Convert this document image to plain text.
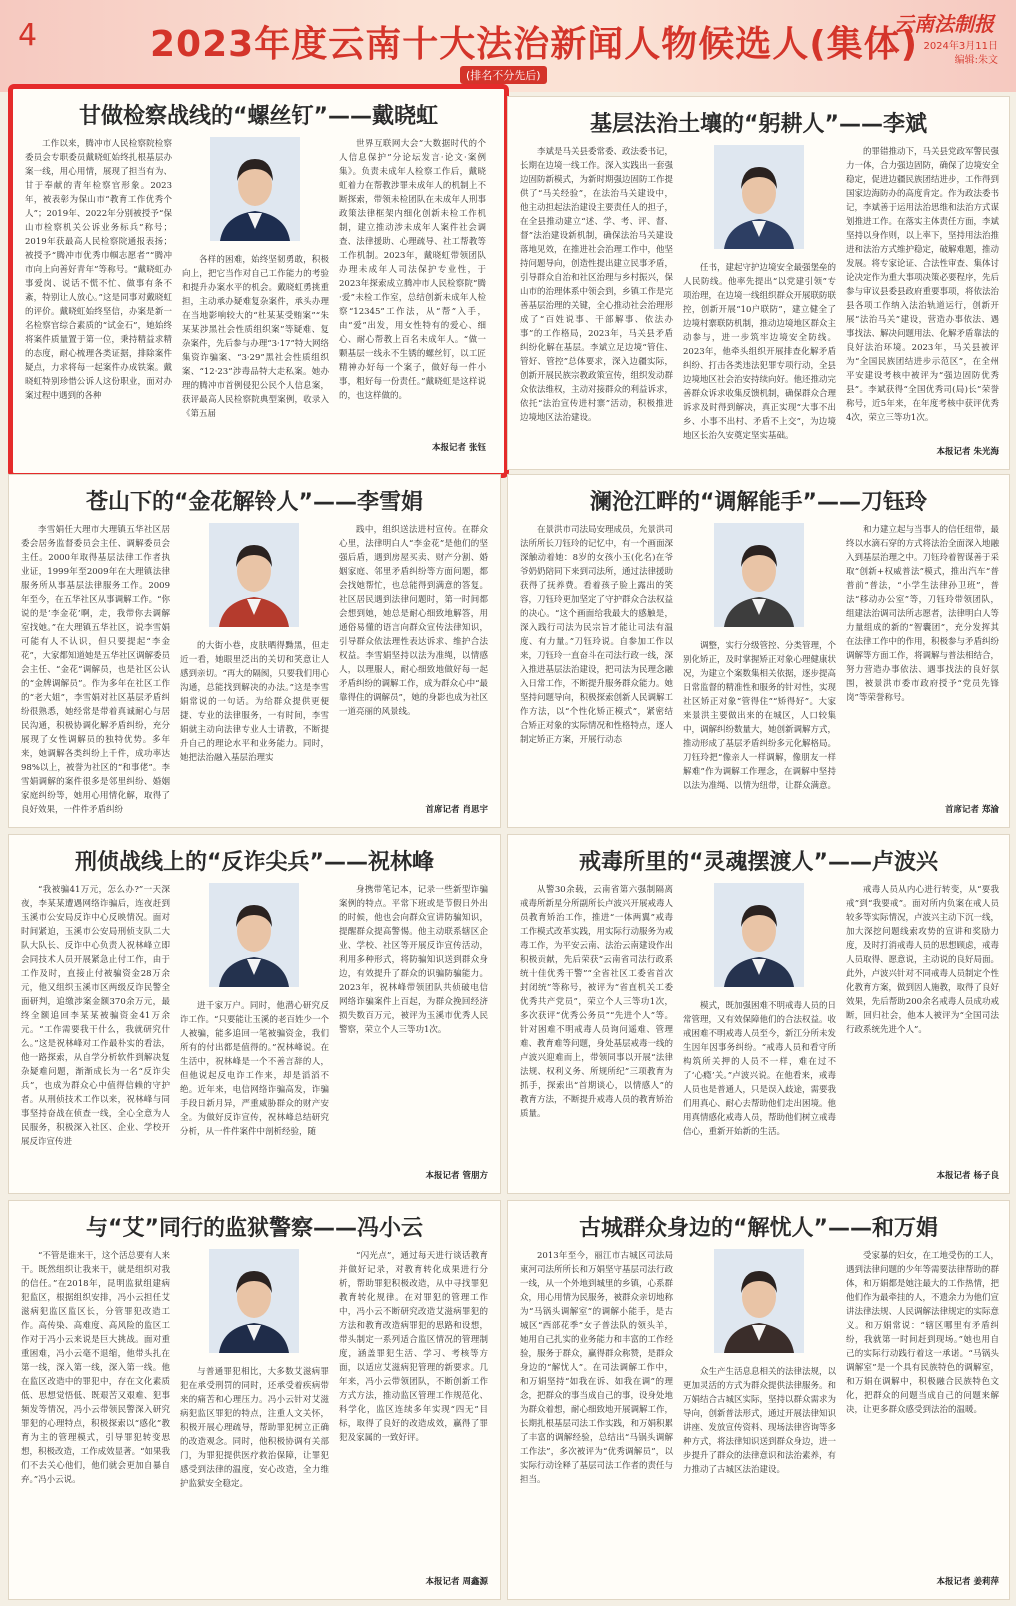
4	2023年度云南十大法治新闻人物候选人(集体)
(排名不分先后)
云南法制报
2024年3月11日
编辑:朱文
甘做检察战线的“螺丝钉”——戴晓虹

工作以来，腾冲市人民检察院检察委员会专职委员戴晓虹始终扎根基层办案一线，用心用情，展现了担当有为、甘于奉献的青年检察官形象。2023年，被表彰为保山市“教育工作优秀个人”；2019年、2022年分别被授予“保山市检察机关公诉业务标兵”称号；2019年获最高人民检察院通报表扬；被授予“腾冲市优秀巾帼志愿者”“腾冲市向上向善好青年”等称号。“戴晓虹办事爱岗、说话不慌不忙、做事有条不紊，特别让人放心。”这是同事对戴晓虹的评价。戴晓虹始终坚信，办案是新一名检察官综合素质的“试金石”，她始终将案件质量置于第一位，秉持精益求精的态度，耐心梳理各类证据，排除案件疑点，力求将每一起案件办成铁案。戴晓虹特别珍惜公诉人这份职业，面对办案过程中遇到的各种

各样的困难，始终坚韧勇敢，积极向上，把它当作对自己工作能力的考验和提升办案水平的机会。戴晓虹勇挑重担，主动承办疑难复杂案件，承头办理在当地影响较大的“杜某某受贿案”“朱某某涉黑社会性质组织案”等疑难、复杂案件，先后参与办理“3·17”特大网络集资诈骗案、“3·29”黑社会性质组织案、“12·23”涉毒品特大走私案。她办理的腾冲市首例侵犯公民个人信息案，获评最高人民检察院典型案例，收录入《第五届

世界互联网大会”大数据时代的个人信息保护”分论坛发言·论文·案例集》。负责未成年人检察工作后，戴晓虹着力在帮教涉罪未成年人的机制上不断探索，带领未检团队在未成年人刑事政策法律框架内细化创新未检工作机制，建立推动涉未成年人案件社会调查、法律援助、心理疏导、社工帮教等工作机制。2023年，戴晓虹带领团队办理未成年人司法保护专业性，于2023年探索成立腾冲市人民检察院“腾·爱”未检工作室，总结创新未成年人检察“12345”工作法，从“帮”入手，由“爱”出发，用女性特有的爱心、细心、耐心帮教上百名未成年人。“做一颗基层一线永不生锈的螺丝钉，以工匠精神办好每一个案子，做好每一件小事，粗好每一份责任。”戴晓虹是这样说的，也这样做的。

本报记者 张钰
基层法治土壤的“躬耕人”——李斌

李斌是马关县委常委、政法委书记，长期在边境一线工作。深入实践出一套强边固防新模式，为新时期强边固防工作提供了“马关经验”，在法治马关建设中，他主动担起法治建设主要责任人的担子，在全县推动建立“述、学、考、评、督、督”法治建设新机制，确保法治马关建设落地见效，在推进社会治理工作中，他坚持问题导向，创造性提出建立民事矛盾，引导群众自治和社区治理与乡村振兴，保山市的治理体系中领会到，乡镇工作是完善基层治理的关键，全心推动社会治理形成了“百姓说事、干部解事、依法办事”的工作格局，2023年，马关县矛盾纠纷化解在基层。李斌立足边境“管住、管好、管控”总体要求，深入边疆实际，创新开展民族宗教政策宣传，组织发动群众依法维权，主动对接群众的利益诉求，依托“法治宣传进村寨”活动，积极推进边境地区法治建设。

任书，建起守护边境安全最强堡垒的人民防线。他率先提出“以党建引领”专项治理，在边境一线组织群众开展联防联控，创新开展“10户联防”，建立健全了边境村寨联防机制，推动边境地区群众主动参与，进一步筑牢边境安全防线。2023年，他牵头组织开展排查化解矛盾纠纷、打击各类违法犯罪专项行动，全县边境地区社会治安持续向好。他还推动完善群众诉求收集反馈机制，确保群众合理诉求及时得到解决，真正实现“大事不出乡、小事不出村、矛盾不上交”，为边境地区长治久安奠定坚实基础。

的罪错推动下，马关县党政军警民强力一体，合力强边固防，确保了边境安全稳定，促进边疆民族团结进步，工作得到国家边海防办的高度肯定。作为政法委书记，李斌善于运用法治思维和法治方式谋划推进工作。在落实主体责任方面，李斌坚持以身作则，以上率下，坚持用法治推进和法治方式维护稳定，破解难题，推动发展。将专家论证、合法性审查、集体讨论决定作为重大事项决策必要程序，先后参与审议县委县政府重要事项，将依法治县各项工作纳入法治轨道运行，创新开展“法治马关”建设，营造办事依法、遇事找法、解决问题用法、化解矛盾靠法的良好法治环境。2023年，马关县被评为“全国民族团结进步示范区”，在全州平安建设考核中被评为“强边固防优秀县”。李斌获得“全国优秀司(局)长”荣誉称号，近5年来，在年度考核中获评优秀4次，荣立三等功1次。

本报记者 朱光海
苍山下的“金花解铃人”——李雪娟

李雪娟任大理市大理镇五华社区居委会居务监督委员会主任、调解委员会主任。2000年取得基层法律工作者执业证，1999年至2009年在大理镇法律服务所从事基层法律服务工作。2009年至今，在五华社区从事调解工作。“你说的是‘李金花’啊，走，我带你去调解室找她。”在大理镇五华社区，说李雪娟可能有人不认识，但只要提起“李金花”，大家都知道她是五华社区调解委员会主任、“金花”调解员，也是社区公认的“金牌调解员”。作为多年在社区工作的“老大姐”，李雪娟对社区基层矛盾纠纷很熟悉，她经常是带着真诚耐心与居民沟通，积极协调化解矛盾纠纷，充分展现了女性调解员的独特优势。多年来，她调解各类纠纷上千件，成功率达98%以上，被誉为社区的“和事佬”。李雪娟调解的案件很多是邻里纠纷、婚姻家庭纠纷等，她用心用情化解，取得了良好效果，一件件矛盾纠纷

的大街小巷，皮肤晒得黝黑，但走近一看，她眼里泛出的关切和笑意让人感到亲切。“再大的隔阂，只要我们用心沟通，总能找到解决的办法。”这是李雪娟常说的一句话。为给群众提供更便捷、专业的法律服务，一有时间，李雪娟就主动向法律专业人士请教，不断提升自己的理论水平和业务能力。同时，她把法治融入基层治理实

践中，组织送法进村宣传。在群众心里，法律明白人“李金花”是他们的坚强后盾，遇到房屋买卖、财产分割、婚姻家庭、邻里矛盾纠纷等方面问题，都会找她帮忙，也总能得到满意的答复。社区居民遇到法律问题时，第一时间都会想到她，她总是耐心细致地解答，用通俗易懂的语言向群众宣传法律知识，引导群众依法理性表达诉求、维护合法权益。李雪娟坚持以法为准绳，以情感人，以理服人，耐心细致地做好每一起矛盾纠纷的调解工作，成为群众心中“最靠得住的调解员”，她的身影也成为社区一道亮丽的风景线。

首席记者 肖思宇
澜沧江畔的“调解能手”——刀钰玲

在景洪市司法局安理成员，允景洪司法所所长刀钰玲的记忆中，有一个画面深深触动着她：8岁的女孩小玉(化名)在爷爷奶奶陪同下来到司法所，通过法律援助获得了抚养费。看着孩子脸上露出的笑容，刀钰玲更加坚定了守护群众合法权益的决心。“这个画面给我最大的感触是，深入践行司法为民宗旨才能让司法有温度、有力量。”刀钰玲说。自参加工作以来，刀钰玲一直奋斗在司法行政一线，深入推进基层法治建设，把司法为民理念融入日常工作，不断提升服务群众能力。她坚持问题导向，积极探索创新人民调解工作方法，以“个性化矫正模式”，紧密结合矫正对象的实际情况和性格特点，逐人制定矫正方案，开展行动态

调整，实行分级管控、分类管理，个别化矫正，及时掌握矫正对象心理健康状况，为建立个案数集相关依据，逐步提高日常监督的精准性和服务的针对性，实现社区矫正对象“管得住”“矫得好”。大家来景洪主要做出来的在城区，人口较集中，调解纠纷数量大，她创新调解方式，推动形成了基层矛盾纠纷多元化解格局。刀钰玲把“像亲人一样调解，像朋友一样解难”作为调解工作理念，在调解中坚持以法为准绳、以情为纽带，让群众满意。

和力建立起与当事人的信任纽带，最终以水滴石穿的方式将法治全面深入地融入到基层治理之中。刀钰玲着智谋善于采取“创新+权威普法”模式，推出汽车“普普前”普法，“小学生法律孙卫班”，普法“移动办公室”等，刀钰玲带领团队，组建法治调司法所志愿者，法律明白人等力量组成的新的“智囊团”，充分发挥其在法律工作中的作用，积极参与矛盾纠纷调解等方面工作，将调解与普法相结合，努力营造办事依法、遇事找法的良好氛围，被景洪市委市政府授予“党员先锋岗”等荣誉称号。

首席记者 郑渝
刑侦战线上的“反诈尖兵”——祝林峰

“我被骗41万元，怎么办?”一天深夜，李某某遭遇网络诈骗后，连夜赶到玉溪市公安局反诈中心反映情况。面对时间紧迫，玉溪市公安局刑侦支队二大队大队长、反诈中心负责人祝林峰立即会同技术人员开展紧急止付工作，由于工作及时，直接止付被骗资金28万余元，他又组织玉溪市区两级反诈民警全面研判，追缴涉案金额370余万元，最终全额追回李某某被骗资金41万余元。“工作需要我干什么，我就研究什么。”这是祝林峰对工作最朴实的看法，他一路探索，从自学分析软件到解决复杂疑难问题，渐渐成长为一名“反诈尖兵”，也成为群众心中值得信赖的守护者。从刑侦技术工作以来，祝林峰与同事坚持奋战在侦查一线，全心全意为人民服务，积极深入社区、企业、学校开展反诈宣传进

进千家万户。同时，他潜心研究反诈工作。“只要能让玉溪的老百姓少一个人被骗，能多追回一笔被骗资金，我们所有的付出都是值得的。”祝林峰说。在生活中，祝林峰是一个不善言辞的人，但他说起反电诈工作来，却是滔滔不绝。近年来，电信网络诈骗高发，诈骗手段日新月异，严重威胁群众的财产安全。为做好反诈宣传，祝林峰总结研究分析，从一件件案件中剖析经验，随

身携带笔记本，记录一些新型诈骗案例的特点。平常下班或是节假日外出的时候，他也会向群众宣讲防骗知识，提醒群众提高警惕。他主动联系辖区企业、学校、社区等开展反诈宣传活动，利用多种形式，将防骗知识送到群众身边，有效提升了群众的识骗防骗能力。2023年，祝林峰带领团队共侦破电信网络诈骗案件上百起，为群众挽回经济损失数百万元，被评为玉溪市优秀人民警察，荣立个人三等功1次。

本报记者 管朋方
戒毒所里的“灵魂摆渡人”——卢波兴

从警30余载，云南省第六强制隔离戒毒所新星分所副所长卢波兴开展戒毒人员教育矫治工作，推进“一体两翼”戒毒工作模式改革实践，用实际行动服务为戒毒工作，为平安云南、法治云南建设作出积极贡献，先后荣获“云南省司法行政系统十佳优秀干警”“全省社区工委省首次封闭统”等称号，被评为“省直机关工委优秀共产党员”，荣立个人三等功1次，多次获评“优秀公务员”“先进个人”等。针对困难不明戒毒人员询问遥难、管理难、教育难等问题，身处基层戒毒一线的卢波兴迎难而上，带领同事以开展“法律法规、权利义务、所规所纪”三项教育为抓手，探索出“首期谈心，以情感人”的教育方法，不断提升戒毒人员的教育矫治质量。

模式，既加强困难不明戒毒人员的日常管理，又有效保障他们的合法权益。收戒困难不明戒毒人员至今，新江分所未发生因年因事务纠纷。“戒毒人员和看守所构筑所关押的人员不一样，难在过不了‘心瘾’关。”卢波兴说。在他看来，戒毒人员也是普通人，只是误入歧途，需要我们用真心、耐心去帮助他们走出困境。他用真情感化戒毒人员，帮助他们树立戒毒信心，重新开始新的生活。

戒毒人员从内心进行转变，从“要我戒”到“我要戒”。面对所内负案在戒人员较多等实际情况，卢波兴主动下沉一线，加大深挖问题线索攻势的宣讲和奖励力度，及时打消戒毒人员的思想顾虑，戒毒人员取得、愿意说，主动说的良好局面。此外，卢波兴针对不同戒毒人员制定个性化教育方案，做到因人施教，取得了良好效果，先后帮助200余名戒毒人员成功戒断，回归社会，他本人被评为“全国司法行政系统先进个人”。

本报记者 杨子良
与“艾”同行的监狱警察——冯小云

“不管是谁来干，这个活总要有人来干。既然组织让我来干，就是组织对我的信任。”在2018年，昆明监狱组建病犯监区，根据组织安排，冯小云担任艾滋病犯监区监区长，分管罪犯改造工作。高传染、高难度、高风险的监区工作对于冯小云来说是巨大挑战。面对重重困难，冯小云毫不退缩，他带头扎在第一线，深入第一线，深入第一线。他在监区改造中的罪犯中，存在文化素质低、思想觉悟低、既艰苦又艰难、犯事频发等情况，冯小云带领民警深入研究罪犯的心理特点，积极探索以“感化”教育为主的管理模式，引导罪犯转变思想，积极改造，工作成效显著。“如果我们不去关心他们，他们就会更加自暴自弃。”冯小云说。

与普通罪犯相比，大多数艾滋病罪犯在承受刑罚的同时，还承受着疾病带来的痛苦和心理压力。冯小云针对艾滋病犯监区罪犯的特点，注重人文关怀，积极开展心理疏导，帮助罪犯树立正确的改造观念。同时，他积极协调有关部门，为罪犯提供医疗救治保障，让罪犯感受到法律的温度，安心改造，全力维护监狱安全稳定。

“闪光点”，通过每天进行谈话教育并做好记录，对教育转化成果进行分析，帮助罪犯积极改造，从中寻找罪犯教育转化规律。在对罪犯的管理工作中，冯小云不断研究改造艾滋病罪犯的方法和教育改造病罪犯的思路和设想，带头制定一系列适合监区情况的管理制度，涵盖罪犯生活、学习、考核等方面，以适应艾滋病犯管理的新要求。几年来，冯小云带领团队，不断创新工作方式方法，推动监区管理工作规范化、科学化，监区连续多年实现“四无”目标，取得了良好的改造成效，赢得了罪犯及家属的一致好评。

本报记者 周鑫源
古城群众身边的“解忧人”——和万娟

2013年至今，丽江市古城区司法局東河司法所所长和万娟坚守基层司法行政一线，从一个外地到城里的乡镇，心系群众，用心用情为民服务，被群众亲切地称为“马锅头调解室”的调解小能手，是古城区“西部花季”女子普法队的领头羊，她用自己扎实的业务能力和丰富的工作经验，服务于群众，赢得群众称赞，是群众身边的“解忧人”。在司法调解工作中，和万娟坚持“如我在诉、如我在调”的理念，把群众的事当成自己的事，设身处地为群众着想，耐心细致地开展调解工作，长期扎根基层司法工作实践，和万娟积累了丰富的调解经验，总结出“马锅头调解工作法”，多次被评为“优秀调解员”，以实际行动诠释了基层司法工作者的责任与担当。

众生产生活息息相关的法律法规，以更加灵活的方式为群众提供法律服务。和万娟结合古城区实际，坚持以群众需求为导向，创新普法形式，通过开展法律知识讲座、发放宣传资料、现场法律咨询等多种方式，将法律知识送到群众身边，进一步提升了群众的法律意识和法治素养，有力推动了古城区法治建设。

受家暴的妇女，在工地受伤的工人，遇到法律问题的少年等需要法律帮助的群体，和万娟都是她注最大的工作热情，把他们作为最牵挂的人，不遗余力为他们宣讲法律法规、人民调解法律规定的实际意义。和万娟常说：“辖区哪里有矛盾纠纷，我就第一时间赶到现场。”她也用自己的实际行动践行着这一承诺。“马锅头调解室”是一个具有民族特色的调解室，和万娟在调解中，积极融合民族特色文化，把群众的问题当成自己的问题来解决，让更多群众感受到法治的温暖。

本报记者 姜莉萍
